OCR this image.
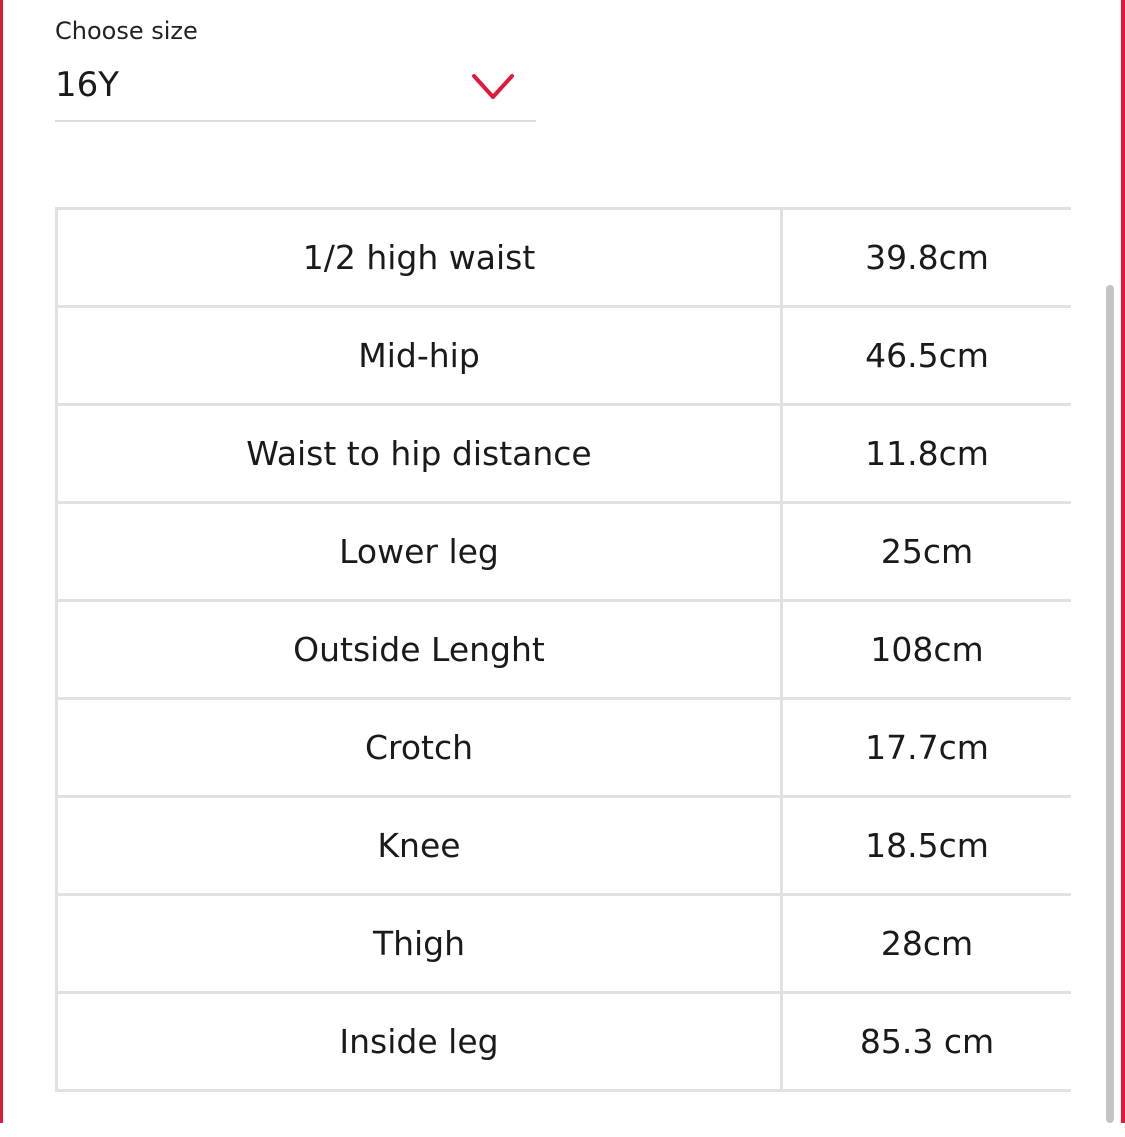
Choose size
16Y
1/2 high waist	39.8cm
Mid-hip	46.5cm
Waist to hip distance	11.8cm
Lower leg	25cm
Outside Lenght	108cm
Crotch	17.7cm
Knee	18.5cm
Thigh	28cm
Inside leg	85.3 cm
